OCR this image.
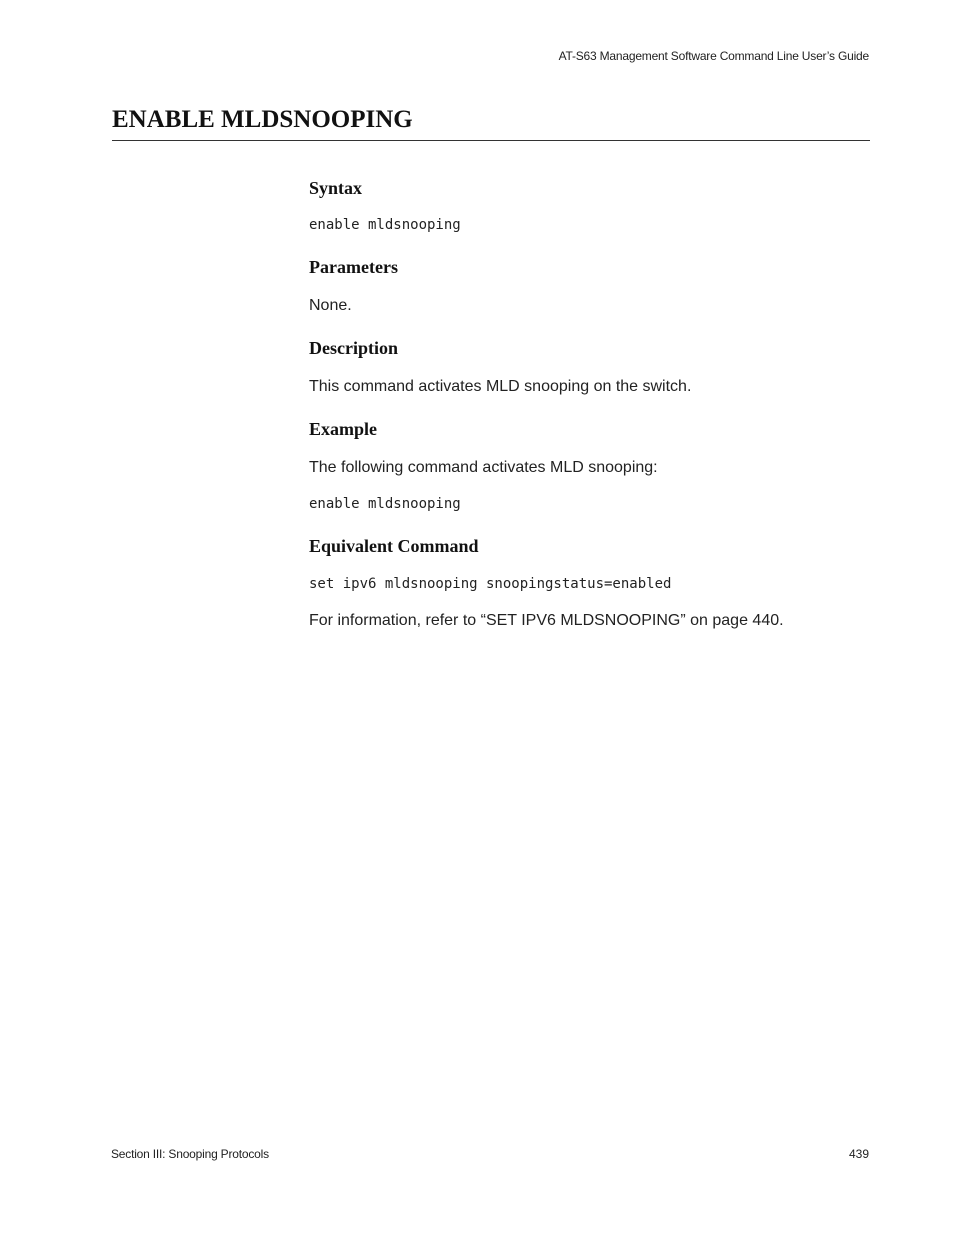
AT-S63 Management Software Command Line User’s Guide
ENABLE MLDSNOOPING
Syntax
enable mldsnooping
Parameters
None.
Description
This command activates MLD snooping on the switch.
Example
The following command activates MLD snooping:
enable mldsnooping
Equivalent Command
set ipv6 mldsnooping snoopingstatus=enabled
For information, refer to “SET IPV6 MLDSNOOPING” on page 440.
Section III: Snooping Protocols	439
